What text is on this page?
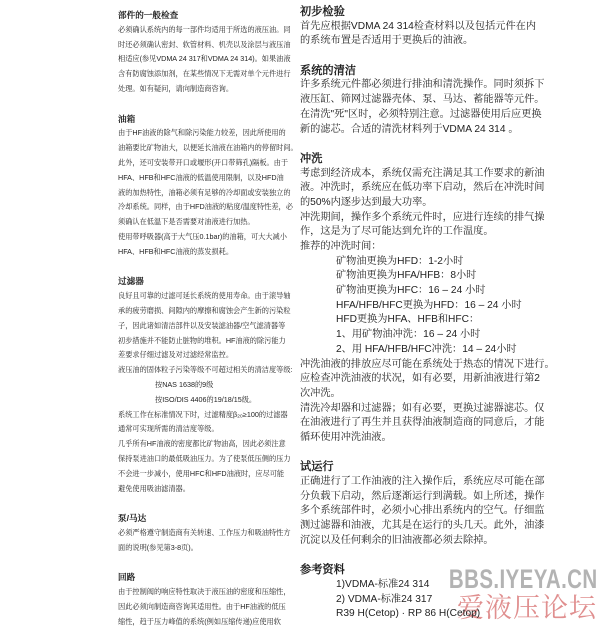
BBS.IYEYA.CN
爱液压论坛
部件的一般检查
必须确认系统内的每一部件均适用于所选的液压油。同
时还必须确认密封、软管材料、机壳以及涂层与液压油
相适应(参见VDMA 24 317和VDMA 24 314)。如果油液
含有防腐蚀添加剂，在某些情况下无需对单个元件进行
处理。如有疑问，请向制造商咨询。
油箱
由于HF油液的除气和除污染能力较差，因此所使用的
油箱要比矿物油大，以便延长油液在油箱内的停留时间。
此外，还可安装带开口或堰形(开口带筛孔)隔板。由于
HFA、HFB和HFC油液的低温使用限制，以及HFD油
液的加热特性，油箱必须有足够的冷却面或安装独立的
冷却系统。同样，由于HFD油液的粘度/温度特性差，必
须确认在低温下是否需要对油液进行加热。
使用带呼吸器(高于大气压0.1bar)的油箱，可大大减小
HFA、HFB和HFC油液的蒸发损耗。
过滤器
良好且可靠的过滤可延长系统的使用寿命。由于滚导轴
承的疲劳磨损、间隙内的摩擦和腐蚀会产生新的污染粒
子，因此诸如清洁部件以及安装滤油器/空气滤清器等
初步措施并不能防止脏物的堆积。HF油液的除污能力
差要求仔细过滤及对过滤经常监控。
液压油的固体粒子污染等级不可超过相关的清洁度等级:
按NAS 1638的9级
按ISO/DIS 4406的19/18/15级。
系统工作在标准情况下时，过滤精度β₂₀≥100的过滤器
通常可实现所需的清洁度等级。
几乎所有HF油液的密度都比矿物油高，因此必须注意
保持泵进油口的最低吸油压力。为了使泵低压侧的压力
不会进一步减小，使用HFC和HFD油液时，应尽可能
避免使用吸油滤清器。
泵/马达
必须严格遵守制造商有关转速、工作压力和吸油特性方
面的说明(参见第3-8页)。
回路
由于控制阀的响应特性取决于液压油的密度和压缩性，
因此必须向制造商咨询其适用性。由于HF油液的低压
缩性，趋于压力峰值的系统(例如压缩传递)应使用软
初步检验
首先应根据VDMA 24 314检查材料以及包括元件在内
的系统布置是否适用于更换后的油液。
系统的清洁
许多系统元件都必须进行排油和清洗操作。同时须拆下
液压缸、筛网过滤器壳体、泵、马达、蓄能器等元件。
在清洗"死"区时，必须特别注意。过滤器使用后应更换
新的滤芯。合适的清洗材料列于VDMA 24 314 。
冲洗
考虑到经济成本，系统仅需充注满足其工作要求的新油
液。冲洗时，系统应在低功率下启动，然后在冲洗时间
的50%内逐步达到最大功率。
冲洗期间，操作多个系统元件时，应进行连续的排气操
作，这是为了尽可能达到允许的工作温度。
推荐的冲洗时间：
矿物油更换为HFD：1-2小时
矿物油更换为HFA/HFB：8小时
矿物油更换为HFC：16 – 24 小时
HFA/HFB/HFC更换为HFD：16 – 24 小时
HFD更换为HFA、HFB和HFC：
1、用矿物油冲洗：16 – 24 小时
2、用 HFA/HFB/HFC冲洗：14 – 24小时
冲洗油液的排放应尽可能在系统处于热态的情况下进行。
应检查冲洗油液的状况，如有必要，用新油液进行第2
次冲洗。
清洗冷却器和过滤器；如有必要，更换过滤器滤芯。仅
在油液进行了再生并且获得油液制造商的同意后，才能
循环使用冲洗油液。
试运行
正确进行了工作油液的注入操作后，系统应尽可能在部
分负载下启动，然后逐渐运行到满载。如上所述，操作
多个系统部件时，必须小心排出系统内的空气。仔细监
测过滤器和油液，尤其是在运行的头几天。此外，油漆
沉淀以及任何剩余的旧油液都必须去除掉。
参考资料
1)VDMA-标准24 314
2) VDMA-标准24 317
R39 H(Cetop) · RP 86 H(Cetop)
